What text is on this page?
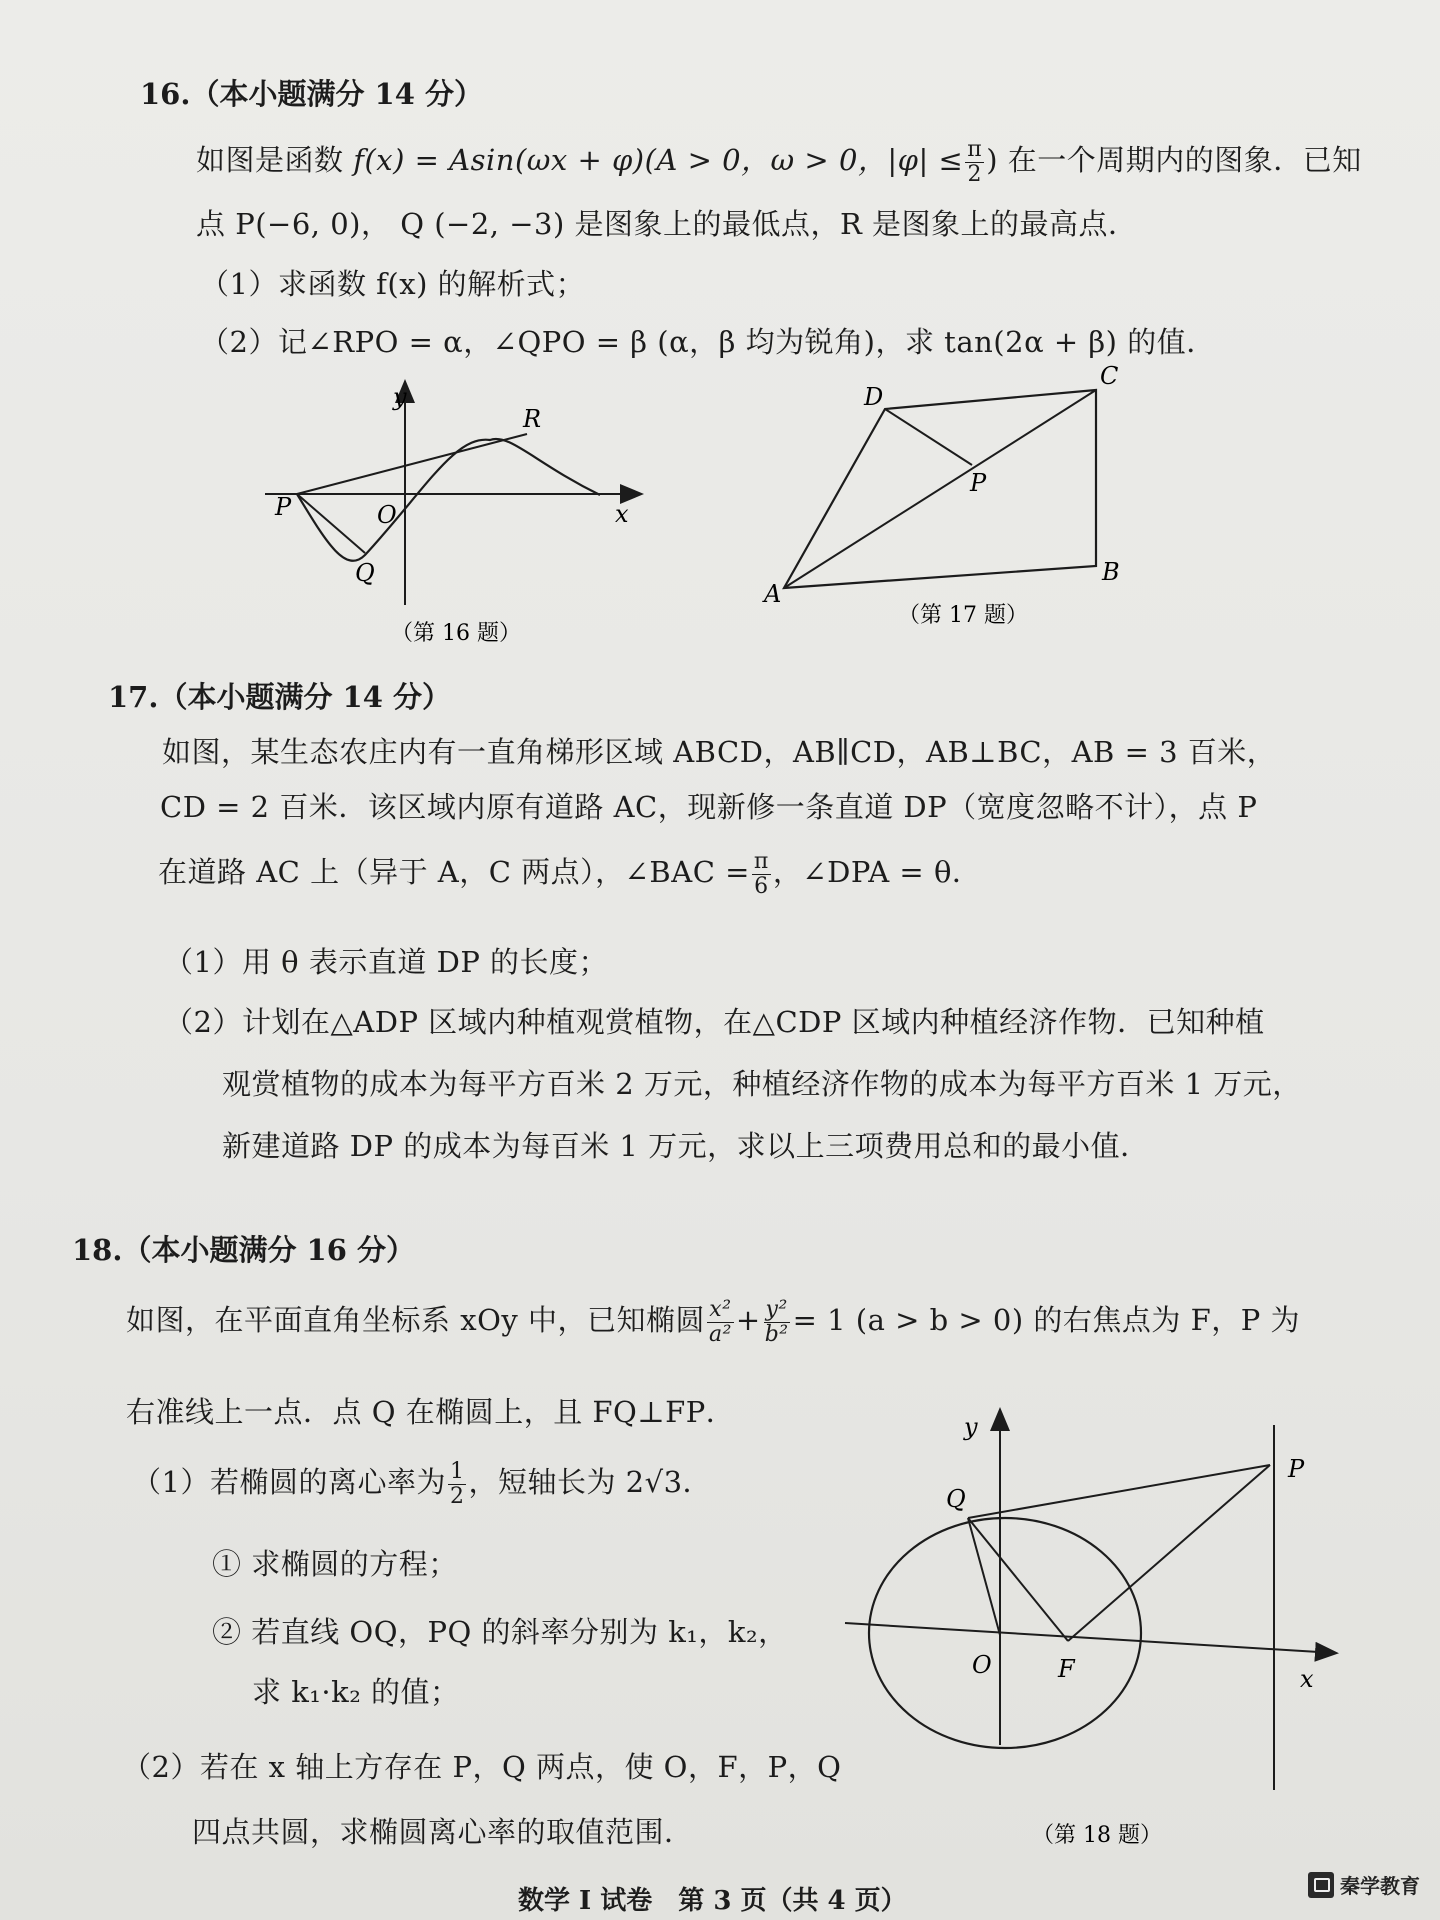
16.（本小题满分 14 分）
如图是函数 f(x) = Asin(ωx + φ)(A > 0，ω > 0，$|\varphi| \le \frac{\pi}{2}$ ) 在一个周期内的图象．已知
点 P(−6, 0)， Q (−2, −3) 是图象上的最低点，R 是图象上的最高点．
（1）求函数 f(x) 的解析式；
（2）记∠RPO = α，∠QPO = β (α，β 均为锐角)，求 tan(2α + β) 的值．
y
x
P	O
Q
R
（第 16 题）
A
B
C
D
P
（第 17 题）
17.（本小题满分 14 分）
如图，某生态农庄内有一直角梯形区域 ABCD，AB∥CD，AB⊥BC，AB = 3 百米，
CD = 2 百米．该区域内原有道路 AC，现新修一条直道 DP（宽度忽略不计），点 P
在道路 AC 上（异于 A，C 两点），∠BAC = $\frac{\pi}{6}$ ，∠DPA = θ．
（1）用 θ 表示直道 DP 的长度；
（2）计划在△ADP 区域内种植观赏植物，在△CDP 区域内种植经济作物．已知种植
观赏植物的成本为每平方百米 2 万元，种植经济作物的成本为每平方百米 1 万元，
新建道路 DP 的成本为每百米 1 万元，求以上三项费用总和的最小值．
18.（本小题满分 16 分）
如图，在平面直角坐标系 xOy 中，已知椭圆 $\frac{\text{x²}}{\text{a²}} + \frac{\text{y²}}{\text{b²}} = 1$ (a > b > 0) 的右焦点为 F，P 为
右准线上一点．点 Q 在椭圆上，且 FQ⊥FP．
（1）若椭圆的离心率为 $\frac{1}{2}$ ，短轴长为 2√3．
① 求椭圆的方程；
② 若直线 OQ，PQ 的斜率分别为 k₁，k₂，
求 k₁·k₂ 的值；
（2）若在 x 轴上方存在 P，Q 两点，使 O，F，P，Q
四点共圆，求椭圆离心率的取值范围．
y
x
O	F
P
Q
（第 18 题）
数学 I 试卷　第 3 页（共 4 页）	秦学教育
